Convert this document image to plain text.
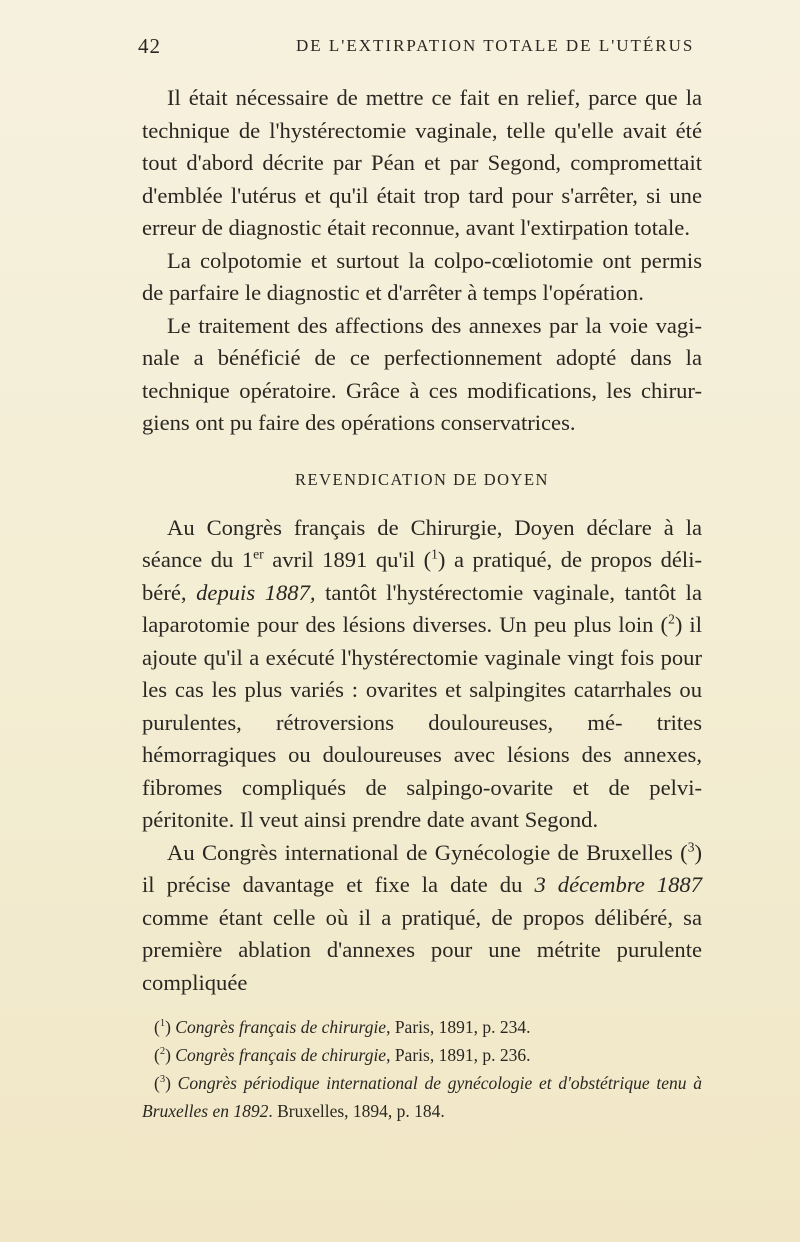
42	DE L'EXTIRPATION TOTALE DE L'UTÉRUS

Il était nécessaire de mettre ce fait en relief, parce que la technique de l'hystérectomie vaginale, telle qu'elle avait été tout d'abord décrite par Péan et par Segond, compromettait d'emblée l'utérus et qu'il était trop tard pour s'arrêter, si une erreur de diagnostic était reconnue, avant l'extirpation totale.

La colpotomie et surtout la colpo-cœliotomie ont permis de parfaire le diagnostic et d'arrêter à temps l'opération.

Le traitement des affections des annexes par la voie vagi- nale a bénéficié de ce perfectionnement adopté dans la technique opératoire. Grâce à ces modifications, les chirur- giens ont pu faire des opérations conservatrices.

REVENDICATION DE DOYEN

Au Congrès français de Chirurgie, Doyen déclare à la séance du 1er avril 1891 qu'il ($^1$) a pratiqué, de propos déli- béré, depuis 1887, tantôt l'hystérectomie vaginale, tantôt la laparotomie pour des lésions diverses. Un peu plus loin ($^2$) il ajoute qu'il a exécuté l'hystérectomie vaginale vingt fois pour les cas les plus variés : ovarites et salpingites catarrhales ou purulentes, rétroversions douloureuses, mé- trites hémorragiques ou douloureuses avec lésions des annexes, fibromes compliqués de salpingo-ovarite et de pelvi-péritonite. Il veut ainsi prendre date avant Segond.

Au Congrès international de Gynécologie de Bruxelles ($^3$) il précise davantage et fixe la date du 3 décembre 1887 comme étant celle où il a pratiqué, de propos délibéré, sa première ablation d'annexes pour une métrite purulente compliquée

($^1$) Congrès français de chirurgie, Paris, 1891, p. 234.

($^2$) Congrès français de chirurgie, Paris, 1891, p. 236.

($^3$) Congrès périodique international de gynécologie et d'obstétrique tenu à Bruxelles en 1892. Bruxelles, 1894, p. 184.
